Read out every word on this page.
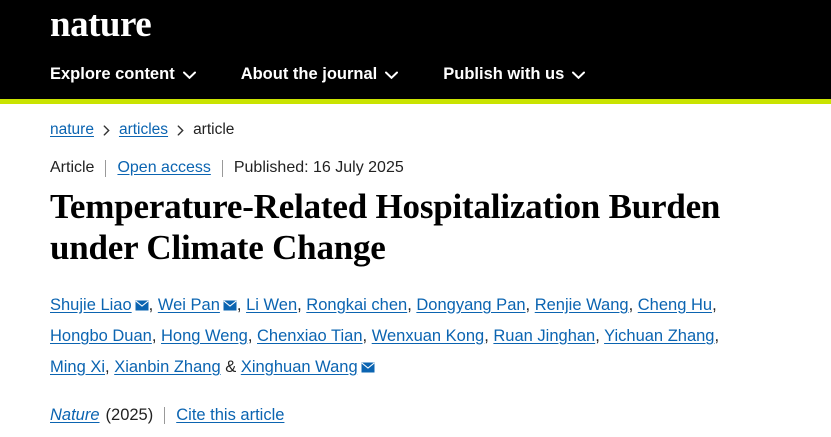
nature
Explore content	About the journal	Publish with us
nature articles article
Article Open access Published: 16 July 2025
Temperature-Related Hospitalization Burden under Climate Change
Shujie Liao , Wei Pan , Li Wen, Rongkai chen, Dongyang Pan, Renjie Wang, Cheng Hu, Hongbo Duan, Hong Weng, Chenxiao Tian, Wenxuan Kong, Ruan Jinghan, Yichuan Zhang, Ming Xi, Xianbin Zhang & Xinghuan Wang
Nature (2025) Cite this article
